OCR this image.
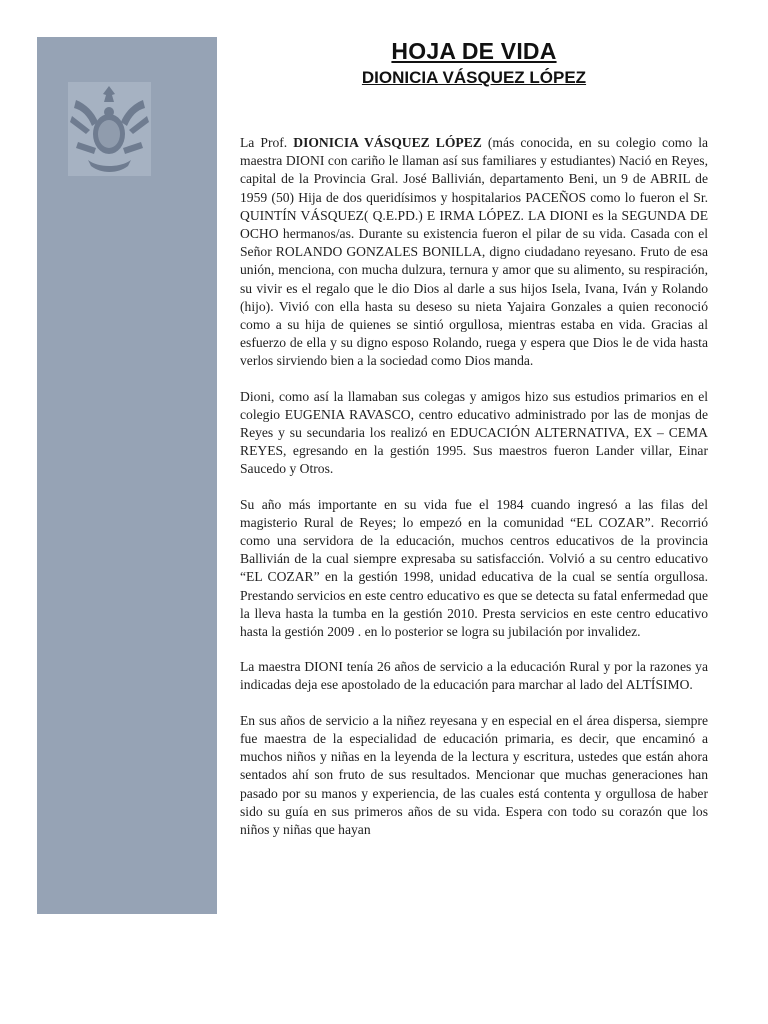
HOJA DE VIDA
DIONICIA VÁSQUEZ LÓPEZ

La Prof. DIONICIA VÁSQUEZ LÓPEZ (más conocida, en su colegio como la maestra DIONI con cariño le llaman así sus familiares y estudiantes) Nació en Reyes, capital de la Provincia Gral. José Ballivián, departamento Beni, un 9 de ABRIL de 1959 (50) Hija de dos queridísimos y hospitalarios PACEÑOS como lo fueron el Sr. QUINTÍN VÁSQUEZ( Q.E.PD.) E IRMA LÓPEZ. LA DIONI es la SEGUNDA DE OCHO hermanos/as. Durante su existencia fueron el pilar de su vida. Casada con el Señor ROLANDO GONZALES BONILLA, digno ciudadano reyesano. Fruto de esa unión, menciona, con mucha dulzura, ternura y amor que su alimento, su respiración, su vivir es el regalo que le dio Dios al darle a sus hijos Isela, Ivana, Iván y Rolando (hijo). Vivió con ella hasta su deseso su nieta Yajaira Gonzales a quien reconoció como a su hija de quienes se sintió orgullosa, mientras estaba en vida. Gracias al esfuerzo de ella y su digno esposo Rolando, ruega y espera que Dios le de vida hasta verlos sirviendo bien a la sociedad como Dios manda.

Dioni, como así la llamaban sus colegas y amigos hizo sus estudios primarios en el colegio EUGENIA RAVASCO, centro educativo administrado por las de monjas de Reyes y su secundaria los realizó en EDUCACIÓN ALTERNATIVA, EX – CEMA REYES, egresando en la gestión 1995. Sus maestros fueron Lander villar, Einar Saucedo y Otros.

Su año más importante en su vida fue el 1984 cuando ingresó a las filas del magisterio Rural de Reyes; lo empezó en la comunidad “EL COZAR”. Recorrió como una servidora de la educación, muchos centros educativos de la provincia Ballivián de la cual siempre expresaba su satisfacción. Volvió a su centro educativo “EL COZAR” en la gestión 1998, unidad educativa de la cual se sentía orgullosa. Prestando servicios en este centro educativo es que se detecta su fatal enfermedad que la lleva hasta la tumba en la gestión 2010. Presta servicios en este centro educativo hasta la gestión 2009 . en lo posterior se logra su jubilación por invalidez.

La maestra DIONI tenía 26 años de servicio a la educación Rural y por la razones ya indicadas deja ese apostolado de la educación para marchar al lado del ALTÍSIMO.

En sus años de servicio a la niñez reyesana y en especial en el área dispersa, siempre fue maestra de la especialidad de educación primaria, es decir, que encaminó a muchos niños y niñas en la leyenda de la lectura y escritura, ustedes que están ahora sentados ahí son fruto de sus resultados. Mencionar que muchas generaciones han pasado por su manos y experiencia, de las cuales está contenta y orgullosa de haber sido su guía en sus primeros años de su vida. Espera con todo su corazón que los niños y niñas que hayan
